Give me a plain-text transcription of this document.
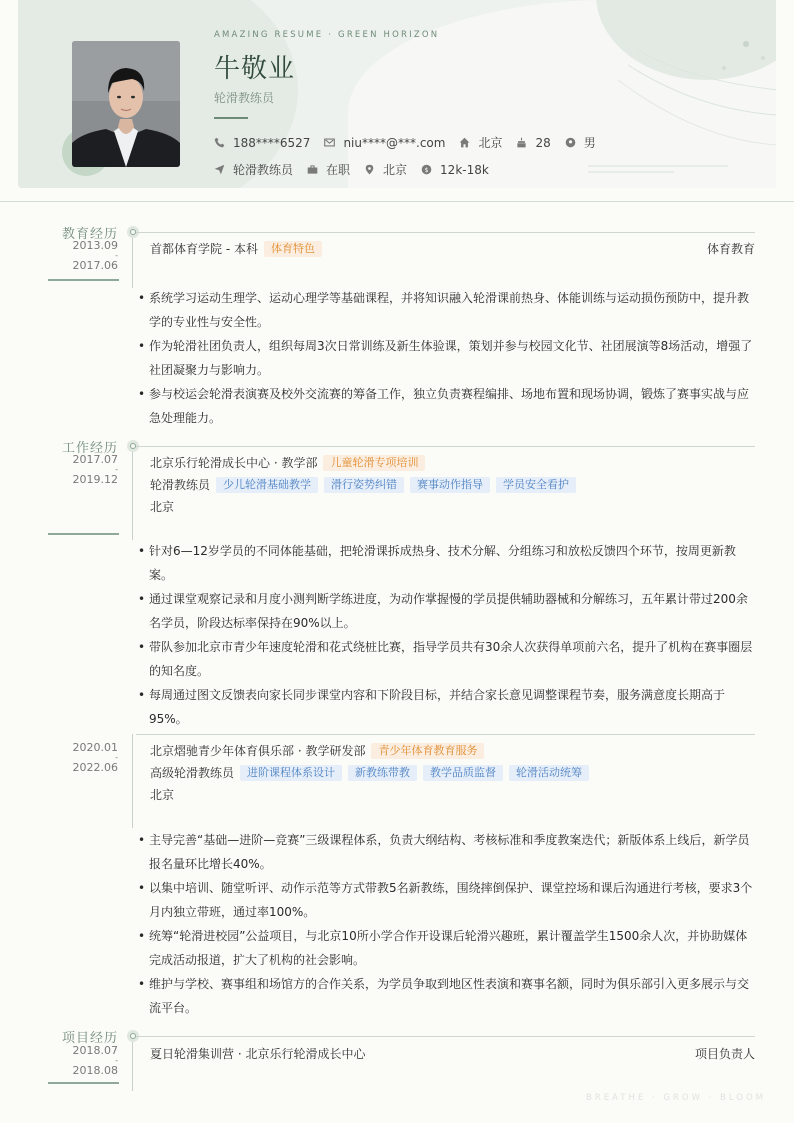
AMAZING RESUME · GREEN HORIZON
牛敬业
轮滑教练员
188****6527	niu****@***.com	北京	28	男
轮滑教练员	在职	北京 $ 12k-18k
教育经历
2013.09
-
2017.06
首都体育学院 - 本科	体育特色	体育教育
• 系统学习运动生理学、运动心理学等基础课程，并将知识融入轮滑课前热身、体能训练与运动损伤预防中，提升教学的专业性与安全性。
• 作为轮滑社团负责人，组织每周3次日常训练及新生体验课，策划并参与校园文化节、社团展演等8场活动，增强了社团凝聚力与影响力。
• 参与校运会轮滑表演赛及校外交流赛的筹备工作，独立负责赛程编排、场地布置和现场协调，锻炼了赛事实战与应急处理能力。
工作经历
2017.07
-
2019.12
北京乐行轮滑成长中心 · 教学部	儿童轮滑专项培训
轮滑教练员	少儿轮滑基础教学	滑行姿势纠错	赛事动作指导	学员安全看护
北京
• 针对6—12岁学员的不同体能基础，把轮滑课拆成热身、技术分解、分组练习和放松反馈四个环节，按周更新教案。
• 通过课堂观察记录和月度小测判断学练进度，为动作掌握慢的学员提供辅助器械和分解练习，五年累计带过200余名学员，阶段达标率保持在90%以上。
• 带队参加北京市青少年速度轮滑和花式绕桩比赛，指导学员共有30余人次获得单项前六名，提升了机构在赛事圈层的知名度。
• 每周通过图文反馈表向家长同步课堂内容和下阶段目标，并结合家长意见调整课程节奏，服务满意度长期高于95%。
2020.01
-
2022.06
北京熠驰青少年体育俱乐部 · 教学研发部	青少年体育教育服务
高级轮滑教练员	进阶课程体系设计	新教练带教	教学品质监督	轮滑活动统筹
北京
• 主导完善“基础—进阶—竞赛”三级课程体系，负责大纲结构、考核标准和季度教案迭代；新版体系上线后，新学员报名量环比增长40%。
• 以集中培训、随堂听评、动作示范等方式带教5名新教练，围绕摔倒保护、课堂控场和课后沟通进行考核，要求3个月内独立带班，通过率100%。
• 统筹“轮滑进校园”公益项目，与北京10所小学合作开设课后轮滑兴趣班，累计覆盖学生1500余人次，并协助媒体完成活动报道，扩大了机构的社会影响。
• 维护与学校、赛事组和场馆方的合作关系，为学员争取到地区性表演和赛事名额，同时为俱乐部引入更多展示与交流平台。
项目经历
2018.07
-
2018.08
夏日轮滑集训营 · 北京乐行轮滑成长中心	项目负责人
BREATHE · GROW · BLOOM
